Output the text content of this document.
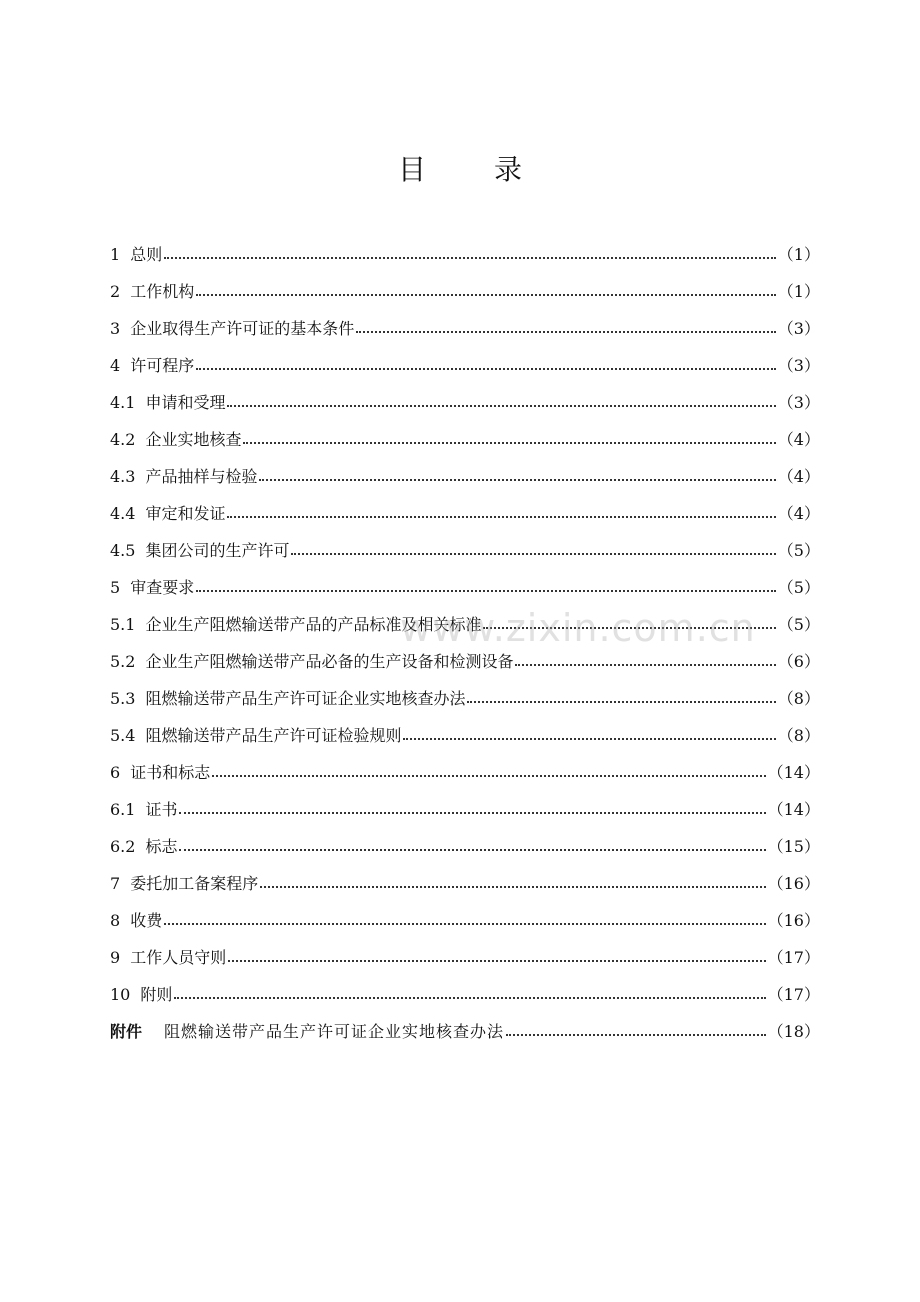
目 录
1 总则	（ 1 ）
2 工作机构	（ 1 ）
3 企业取得生产许可证的基本条件	（ 3 ）
4 许可程序	（ 3 ）
4.1 申请和受理	（ 3 ）
4.2 企业实地核查	（ 4 ）
4.3 产品抽样与检验	（ 4 ）
4.4 审定和发证	（ 4 ）
4.5 集团公司的生产许可	（ 5 ）
5 审查要求	（ 5 ）
5.1 企业生产阻燃输送带产品的产品标准及相关标准	（ 5 ）
5.2 企业生产阻燃输送带产品必备的生产设备和检测设备	（ 6 ）
5.3 阻燃输送带产品生产许可证企业实地核查办法	（ 8 ）
5.4 阻燃输送带产品生产许可证检验规则	（ 8 ）
6 证书和标志	（ 14 ）
6.1 证书	（ 14 ）
6.2 标志	（ 15 ）
7 委托加工备案程序	（ 16 ）
8 收费	（ 16 ）
9 工作人员守则	（ 17 ）
10 附则	（ 17 ）
附件 阻燃输送带产品生产许可证企业实地核查办法	（ 18 ）
www.zixin.com.cn
